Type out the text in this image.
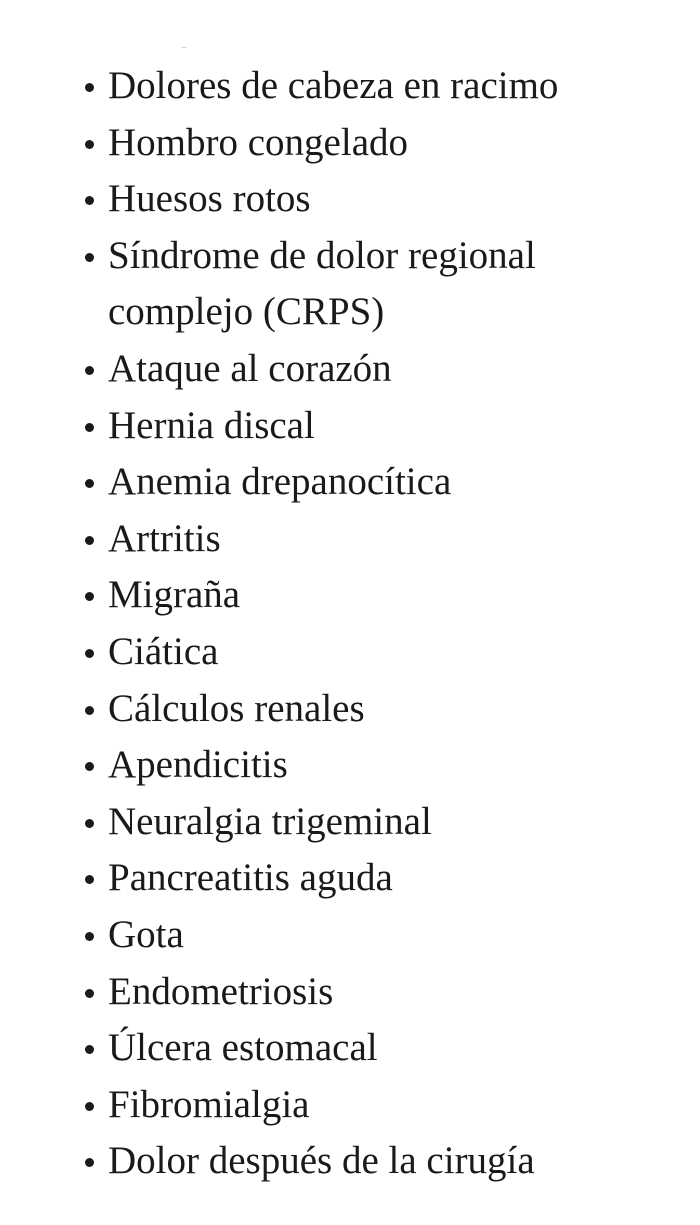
Dolores de cabeza en racimo
Hombro congelado
Huesos rotos
Síndrome de dolor regional complejo (CRPS)
Ataque al corazón
Hernia discal
Anemia drepanocítica
Artritis
Migraña
Ciática
Cálculos renales
Apendicitis
Neuralgia trigeminal
Pancreatitis aguda
Gota
Endometriosis
Úlcera estomacal
Fibromialgia
Dolor después de la cirugía
